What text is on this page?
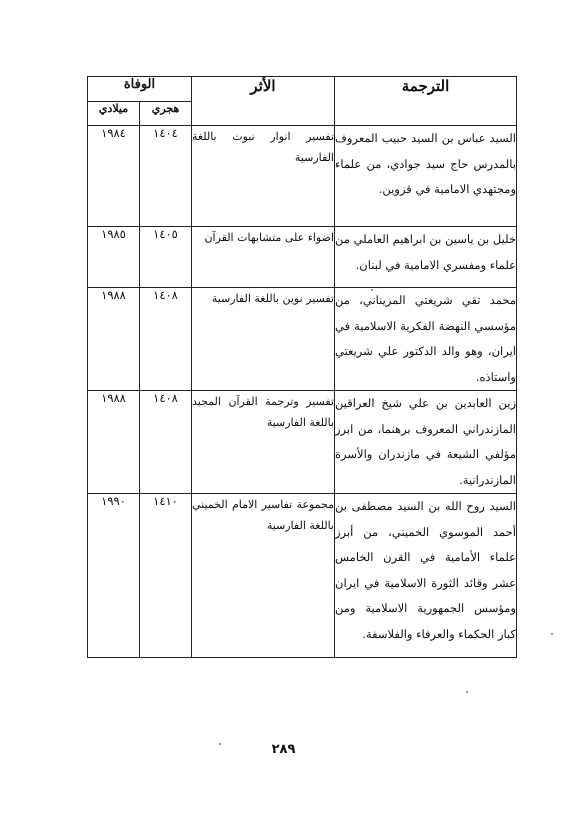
الترجمة	الأثر	الوفاة	
		هجري	ميلادي
السيد عباس بن السيد حبيب المعروف بالمدرس حاج سيد جوادي، من علماء ومجتهدي الامامية في قزوين.	تفسير انوار نبوت باللغة الفارسية	١٤٠٤	١٩٨٤
خليل بن ياسين بن ابراهيم العاملي من علماء ومفسري الامامية في لبنان.	اضواء على متشابهات القرآن	١٤٠٥	١٩٨٥
محمد تقي شريعتي المزيناني، من مؤسسي النهضة الفكرية الاسلامية في ايران، وهو والد الدكتور علي شريعتي واستاذه.	تفسير نوين باللغة الفارسية	١٤٠٨	١٩٨٨
زين العابدين بن علي شيخ العراقين المازندراني المعروف برهنما، من ابرز مؤلفي الشيعة في مازندران والأسرة المازندرانية.	تفسير وترجمة القرآن المجيد باللغة الفارسية	١٤٠٨	١٩٨٨
السيد روح الله بن السيد مصطفى بن أحمد الموسوي الخميني، من أبرز علماء الأمامية في القرن الخامس عشر وقائد الثورة الاسلامية في ايران ومؤسس الجمهورية الاسلامية ومن كبار الحكماء والعرفاء والفلاسفة.	مجموعة تفاسير الامام الخميني باللغة الفارسية	١٤١٠	١٩٩٠
٢٨٩
